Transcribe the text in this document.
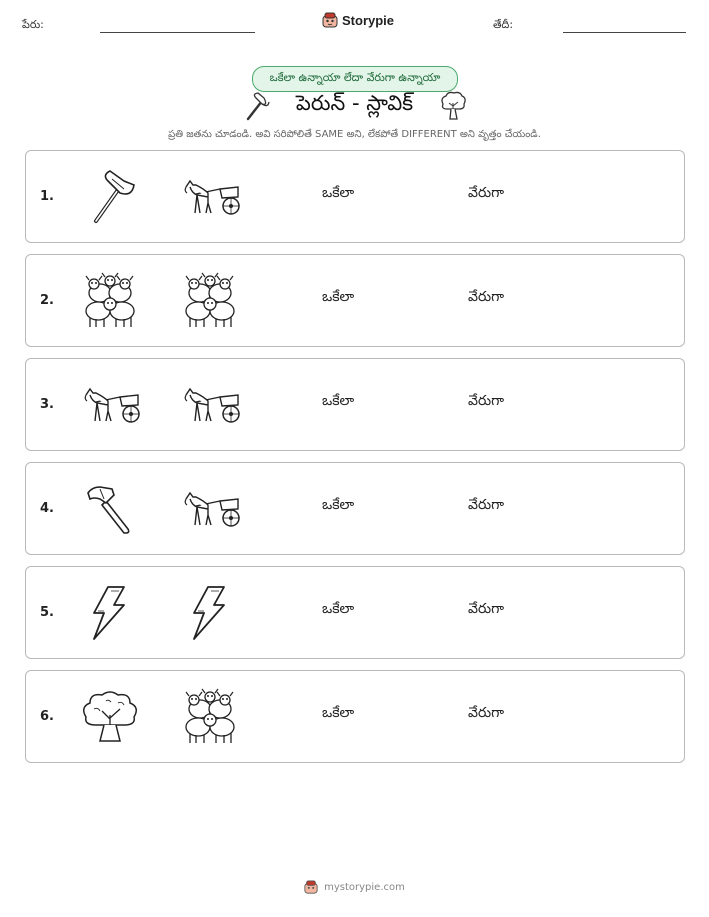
పేరు:	Storypie	తేదీ:
ఒకేలా ఉన్నాయా లేదా వేరుగా ఉన్నాయా
పెరున్ - స్లావిక్
ప్రతి జతను చూడండి. అవి సరిపోలితే SAME అని, లేకపోతే DIFFERENT అని వృత్తం చేయండి.
1.	ఒకేలా	వేరుగా
2.	ఒకేలా	వేరుగా
3.	ఒకేలా	వేరుగా
4.	ఒకేలా	వేరుగా
5.	ఒకేలా	వేరుగా
6.	ఒకేలా	వేరుగా
mystorypie.com
